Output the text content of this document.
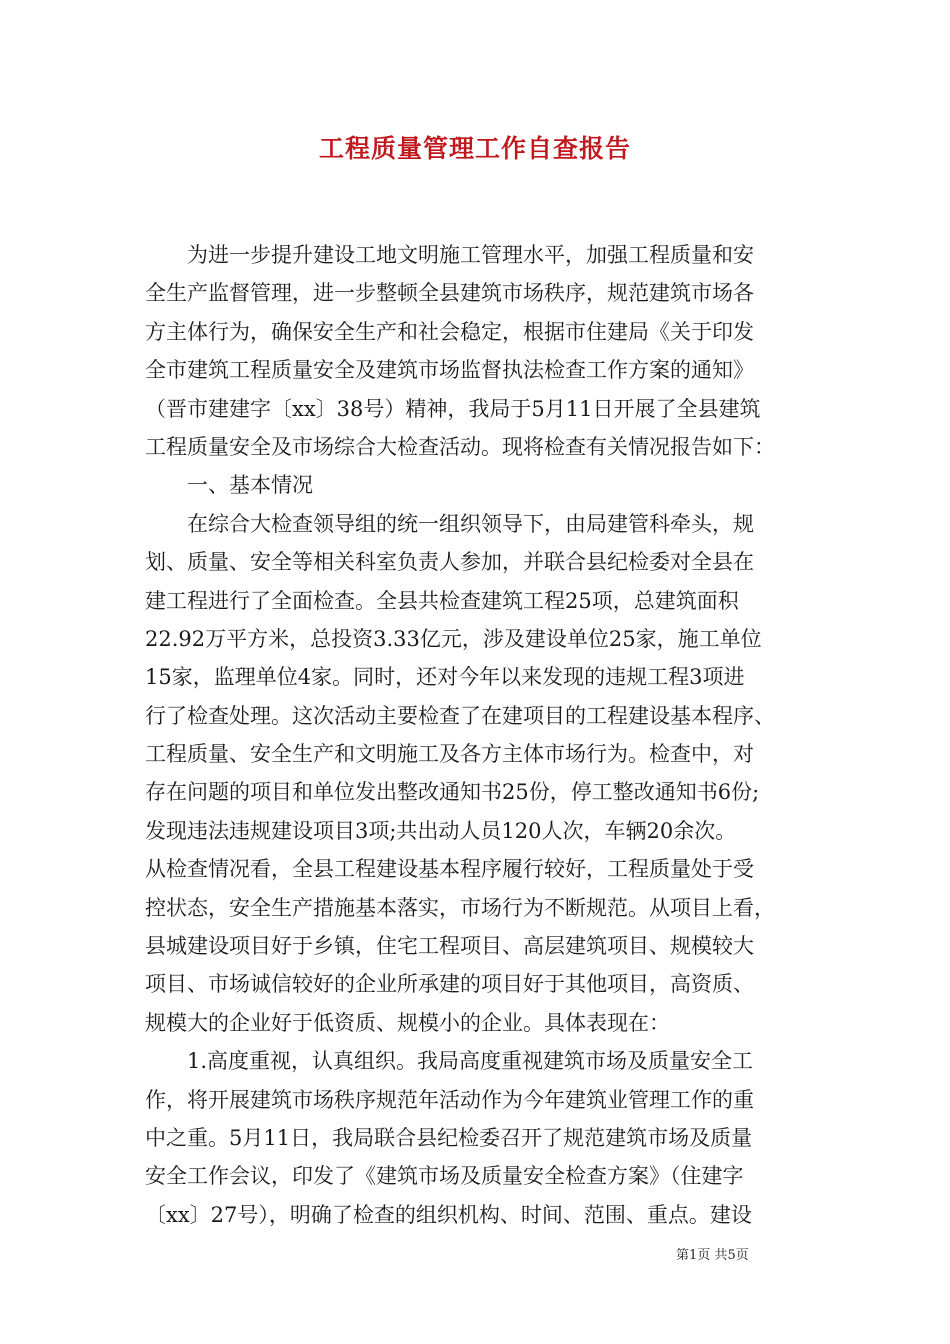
工程质量管理工作自查报告
　　为进一步提升建设工地文明施工管理水平，加强工程质量和安
全生产监督管理，进一步整顿全县建筑市场秩序，规范建筑市场各
方主体行为，确保安全生产和社会稳定，根据市住建局《关于印发
全市建筑工程质量安全及建筑市场监督执法检查工作方案的通知》
（晋市建建字〔xx〕38号）精神，我局于5月11日开展了全县建筑
工程质量安全及市场综合大检查活动。现将检查有关情况报告如下：
　　一、基本情况
　　在综合大检查领导组的统一组织领导下，由局建管科牵头，规
划、质量、安全等相关科室负责人参加，并联合县纪检委对全县在
建工程进行了全面检查。全县共检查建筑工程25项，总建筑面积
22.92万平方米，总投资3.33亿元，涉及建设单位25家，施工单位
15家，监理单位4家。同时，还对今年以来发现的违规工程3项进
行了检查处理。这次活动主要检查了在建项目的工程建设基本程序、
工程质量、安全生产和文明施工及各方主体市场行为。检查中，对
存在问题的项目和单位发出整改通知书25份，停工整改通知书6份;
发现违法违规建设项目3项;共出动人员120人次，车辆20余次。
从检查情况看，全县工程建设基本程序履行较好，工程质量处于受
控状态，安全生产措施基本落实，市场行为不断规范。从项目上看，
县城建设项目好于乡镇，住宅工程项目、高层建筑项目、规模较大
项目、市场诚信较好的企业所承建的项目好于其他项目，高资质、
规模大的企业好于低资质、规模小的企业。具体表现在：
　　1.高度重视，认真组织。我局高度重视建筑市场及质量安全工
作，将开展建筑市场秩序规范年活动作为今年建筑业管理工作的重
中之重。5月11日，我局联合县纪检委召开了规范建筑市场及质量
安全工作会议，印发了《建筑市场及质量安全检查方案》（住建字
〔xx〕27号），明确了检查的组织机构、时间、范围、重点。建设
第1页 共5页
